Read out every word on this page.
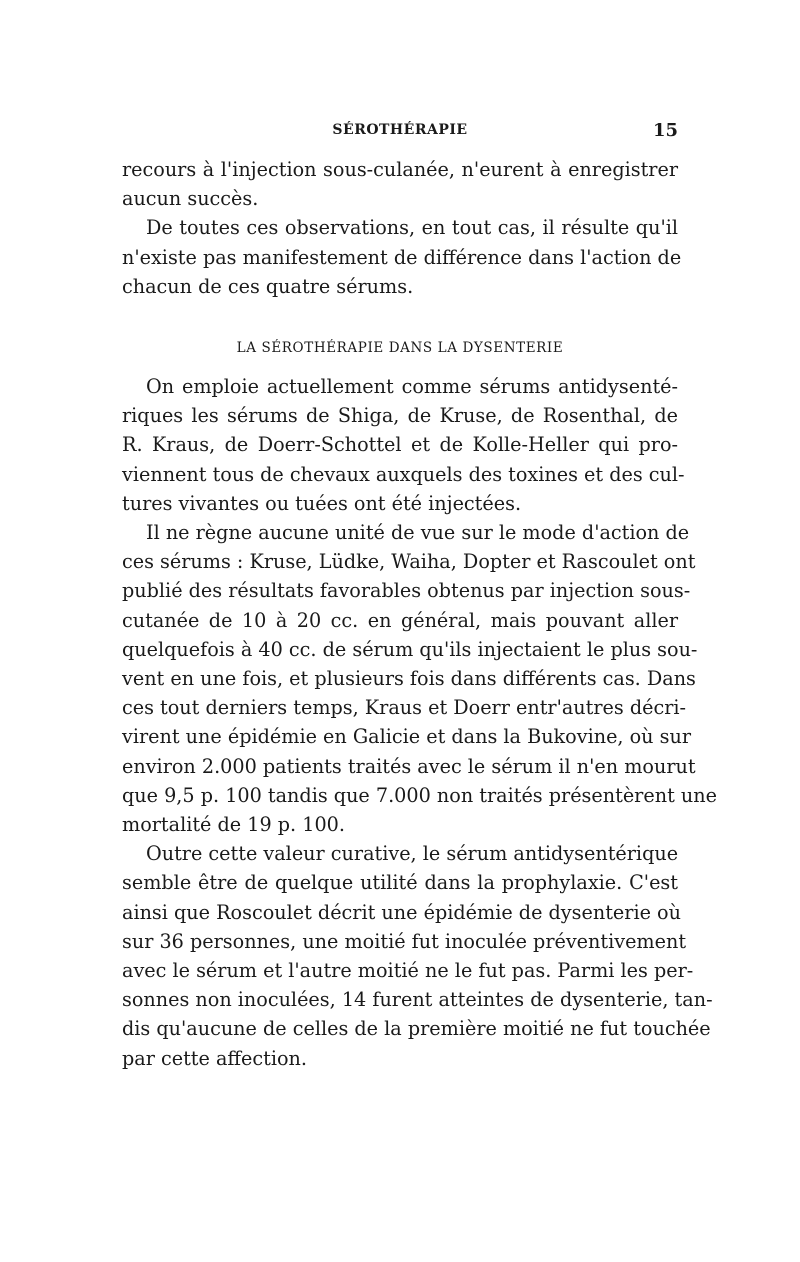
SÉROTHÉRAPIE	15

recours à l'injection sous-culanée, n'eurent à enregistrer
aucun succès.

De toutes ces observations, en tout cas, il résulte qu'il
n'existe pas manifestement de différence dans l'action de
chacun de ces quatre sérums.

LA SÉROTHÉRAPIE DANS LA DYSENTERIE

On emploie actuellement comme sérums antidysenté-
riques les sérums de Shiga, de Kruse, de Rosenthal, de
R. Kraus, de Doerr-Schottel et de Kolle-Heller qui pro-
viennent tous de chevaux auxquels des toxines et des cul-
tures vivantes ou tuées ont été injectées.

Il ne règne aucune unité de vue sur le mode d'action de
ces sérums : Kruse, Lüdke, Waiha, Dopter et Rascoulet ont
publié des résultats favorables obtenus par injection sous-
cutanée de 10 à 20 cc. en général, mais pouvant aller
quelquefois à 40 cc. de sérum qu'ils injectaient le plus sou-
vent en une fois, et plusieurs fois dans différents cas. Dans
ces tout derniers temps, Kraus et Doerr entr'autres décri-
virent une épidémie en Galicie et dans la Bukovine, où sur
environ 2.000 patients traités avec le sérum il n'en mourut
que 9,5 p. 100 tandis que 7.000 non traités présentèrent une
mortalité de 19 p. 100.

Outre cette valeur curative, le sérum antidysentérique
semble être de quelque utilité dans la prophylaxie. C'est
ainsi que Roscoulet décrit une épidémie de dysenterie où
sur 36 personnes, une moitié fut inoculée préventivement
avec le sérum et l'autre moitié ne le fut pas. Parmi les per-
sonnes non inoculées, 14 furent atteintes de dysenterie, tan-
dis qu'aucune de celles de la première moitié ne fut touchée
par cette affection.
